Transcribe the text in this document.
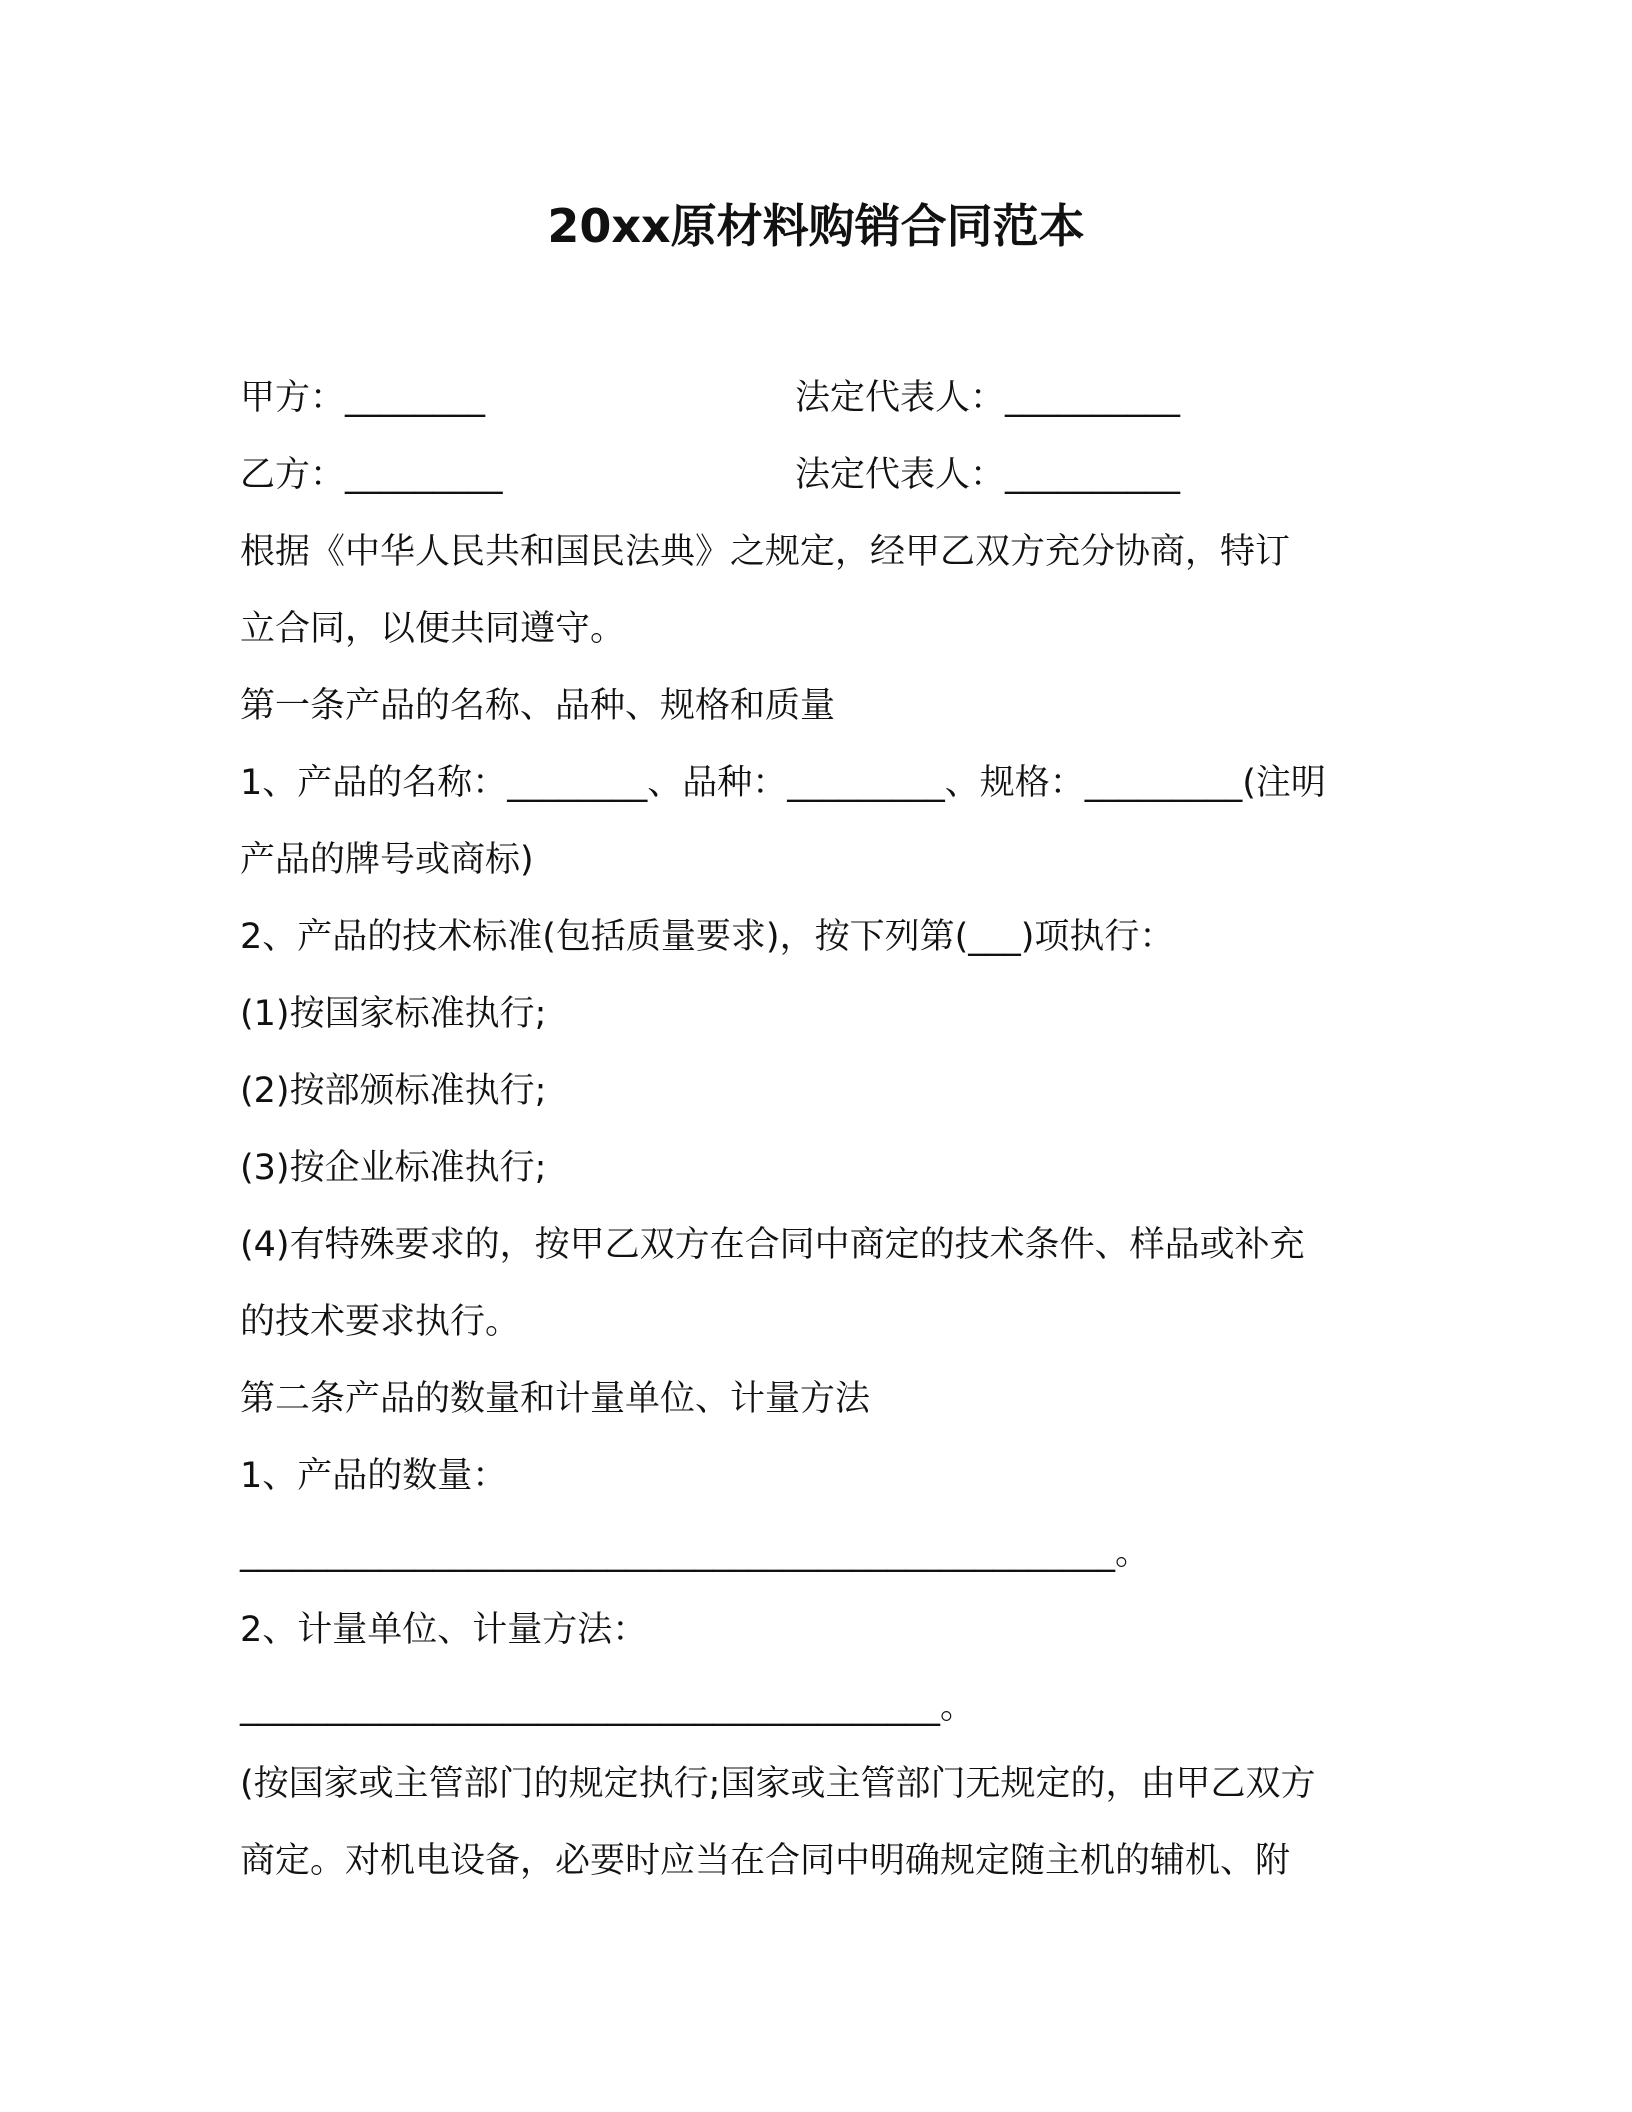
20xx原材料购销合同范本
甲方：________	法定代表人：__________
乙方：_________	法定代表人：__________
根据《中华人民共和国民法典》之规定，经甲乙双方充分协商，特订
立合同，以便共同遵守。
第一条产品的名称、品种、规格和质量
1、产品的名称：________、品种：_________、规格：_________(注明
产品的牌号或商标)
2、产品的技术标准(包括质量要求)，按下列第(___)项执行：
(1)按国家标准执行;
(2)按部颁标准执行;
(3)按企业标准执行;
(4)有特殊要求的，按甲乙双方在合同中商定的技术条件、样品或补充
的技术要求执行。
第二条产品的数量和计量单位、计量方法
1、产品的数量：
__________________________________________________。
2、计量单位、计量方法：
________________________________________。
(按国家或主管部门的规定执行;国家或主管部门无规定的，由甲乙双方
商定。对机电设备，必要时应当在合同中明确规定随主机的辅机、附
